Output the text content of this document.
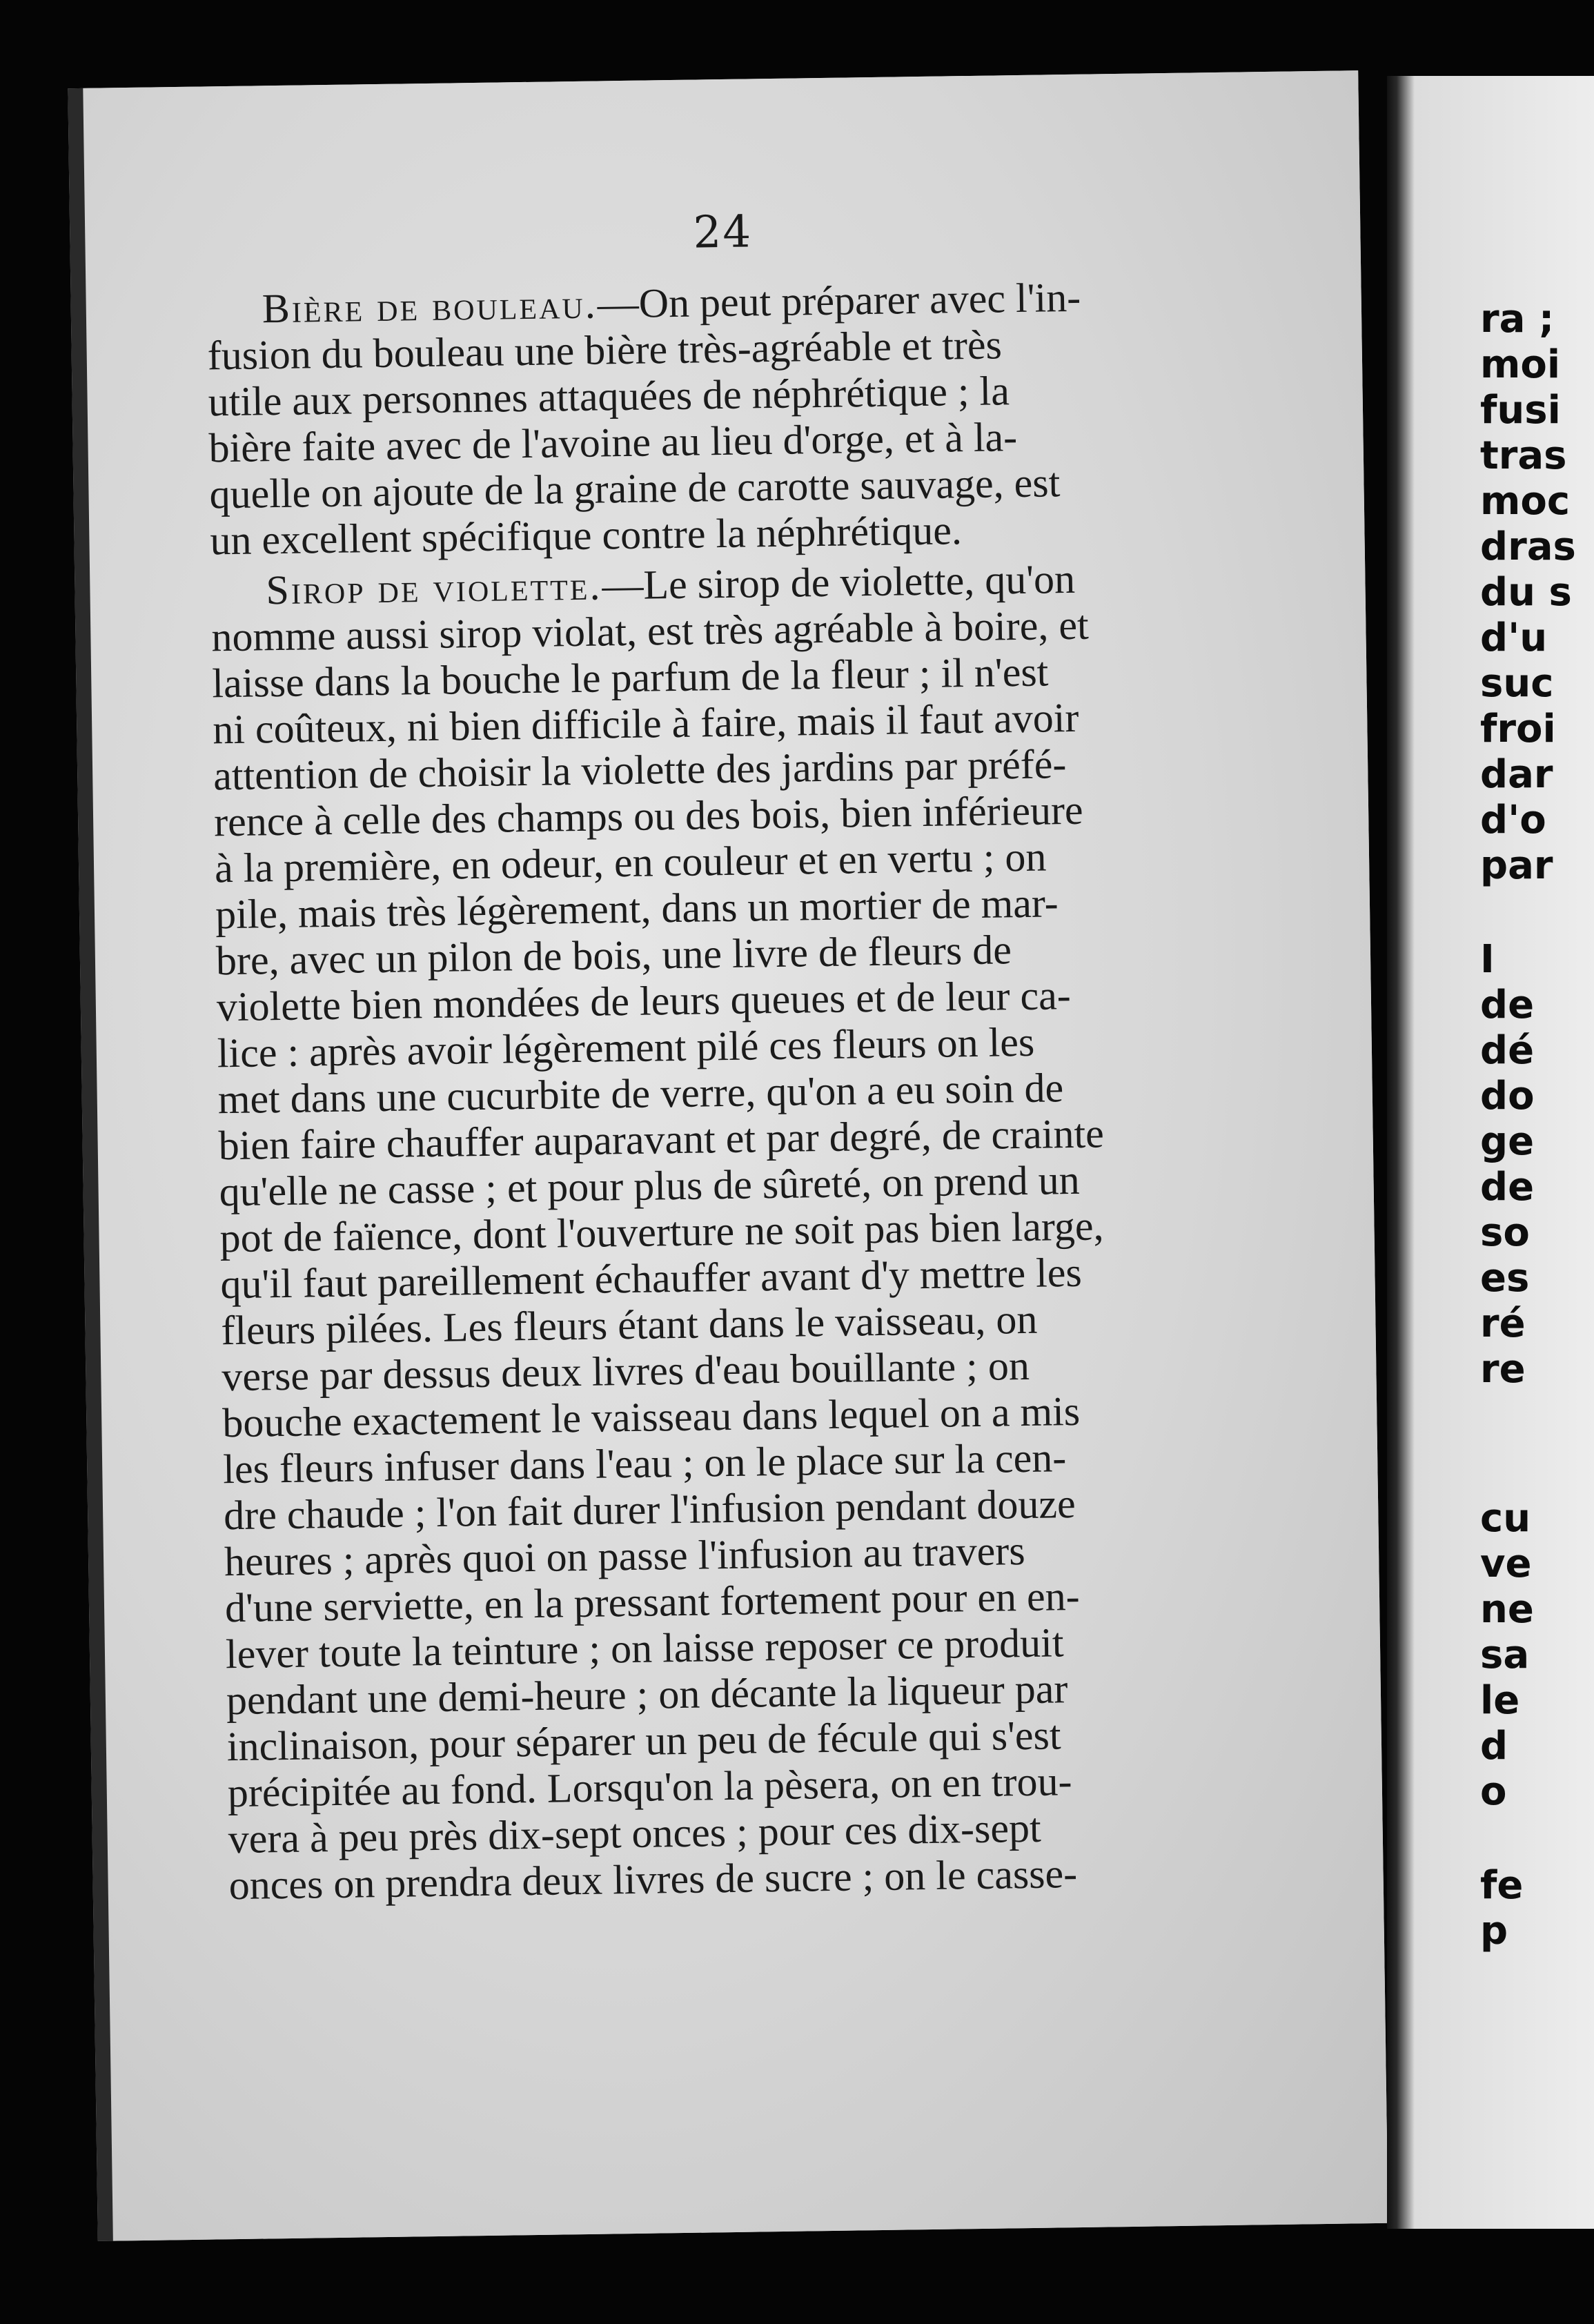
24
Bière de bouleau.—On peut préparer avec l'in-
fusion du bouleau une bière très-agréable et très
utile aux personnes attaquées de néphrétique ; la
bière faite avec de l'avoine au lieu d'orge, et à la-
quelle on ajoute de la graine de carotte sauvage, est
un excellent spécifique contre la néphrétique.
Sirop de violette.—Le sirop de violette, qu'on
nomme aussi sirop violat, est très agréable à boire, et
laisse dans la bouche le parfum de la fleur ; il n'est
ni coûteux, ni bien difficile à faire, mais il faut avoir
attention de choisir la violette des jardins par préfé-
rence à celle des champs ou des bois, bien inférieure
à la première, en odeur, en couleur et en vertu ; on
pile, mais très légèrement, dans un mortier de mar-
bre, avec un pilon de bois, une livre de fleurs de
violette bien mondées de leurs queues et de leur ca-
lice : après avoir légèrement pilé ces fleurs on les
met dans une cucurbite de verre, qu'on a eu soin de
bien faire chauffer auparavant et par degré, de crainte
qu'elle ne casse ; et pour plus de sûreté, on prend un
pot de faïence, dont l'ouverture ne soit pas bien large,
qu'il faut pareillement échauffer avant d'y mettre les
fleurs pilées. Les fleurs étant dans le vaisseau, on
verse par dessus deux livres d'eau bouillante ; on
bouche exactement le vaisseau dans lequel on a mis
les fleurs infuser dans l'eau ; on le place sur la cen-
dre chaude ; l'on fait durer l'infusion pendant douze
heures ; après quoi on passe l'infusion au travers
d'une serviette, en la pressant fortement pour en en-
lever toute la teinture ; on laisse reposer ce produit
pendant une demi-heure ; on décante la liqueur par
inclinaison, pour séparer un peu de fécule qui s'est
précipitée au fond. Lorsqu'on la pèsera, on en trou-
vera à peu près dix-sept onces ; pour ces dix-sept
onces on prendra deux livres de sucre ; on le casse-
ra ;
moi
fusi
tras
moc
dras
du s
d'u
suc
froi
dar
d'o
par
I
de
dé
do
ge
de
so
es
ré
re
cu
ve
ne
sa
le
d
o
fe
p
